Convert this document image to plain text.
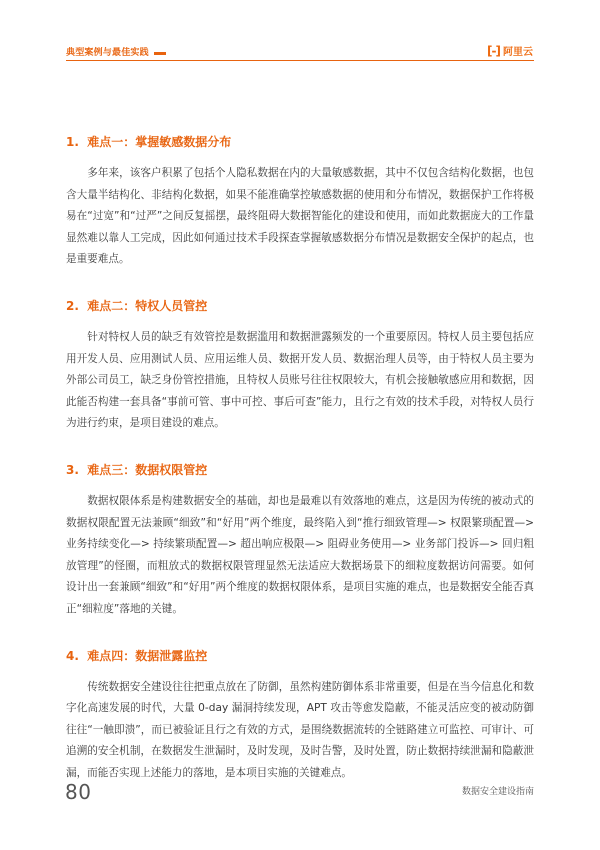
典型案例与最佳实践	[-] 阿里云
1. 难点一：掌握敏感数据分布

多年来，该客户积累了包括个人隐私数据在内的大量敏感数据，其中不仅包含结构化数据，也包含大量半结构化、非结构化数据，如果不能准确掌控敏感数据的使用和分布情况，数据保护工作将极易在“过宽”和“过严”之间反复摇摆，最终阻碍大数据智能化的建设和使用，而如此数据庞大的工作量显然难以靠人工完成，因此如何通过技术手段探查掌握敏感数据分布情况是数据安全保护的起点，也是重要难点。

2. 难点二：特权人员管控

针对特权人员的缺乏有效管控是数据滥用和数据泄露频发的一个重要原因。特权人员主要包括应用开发人员、应用测试人员、应用运维人员、数据开发人员、数据治理人员等，由于特权人员主要为外部公司员工，缺乏身份管控措施，且特权人员账号往往权限较大，有机会接触敏感应用和数据，因此能否构建一套具备“事前可管、事中可控、事后可查”能力，且行之有效的技术手段，对特权人员行为进行约束，是项目建设的难点。

3. 难点三：数据权限管控

数据权限体系是构建数据安全的基础，却也是最难以有效落地的难点，这是因为传统的被动式的数据权限配置无法兼顾“细致”和“好用”两个维度，最终陷入到“推行细致管理—> 权限繁琐配置—> 业务持续变化—> 持续繁琐配置—> 超出响应极限—> 阻碍业务使用—> 业务部门投诉—> 回归粗放管理”的怪圈，而粗放式的数据权限管理显然无法适应大数据场景下的细粒度数据访问需要。如何设计出一套兼顾“细致”和“好用”两个维度的数据权限体系，是项目实施的难点，也是数据安全能否真正“细粒度”落地的关键。

4. 难点四：数据泄露监控

传统数据安全建设往往把重点放在了防御，虽然构建防御体系非常重要，但是在当今信息化和数字化高速发展的时代，大量 0-day 漏洞持续发现，APT 攻击等愈发隐蔽，不能灵活应变的被动防御往往“一触即溃”，而已被验证且行之有效的方式，是围绕数据流转的全链路建立可监控、可审计、可追溯的安全机制，在数据发生泄漏时，及时发现，及时告警，及时处置，防止数据持续泄漏和隐蔽泄漏，而能否实现上述能力的落地，是本项目实施的关键难点。

80	数据安全建设指南
